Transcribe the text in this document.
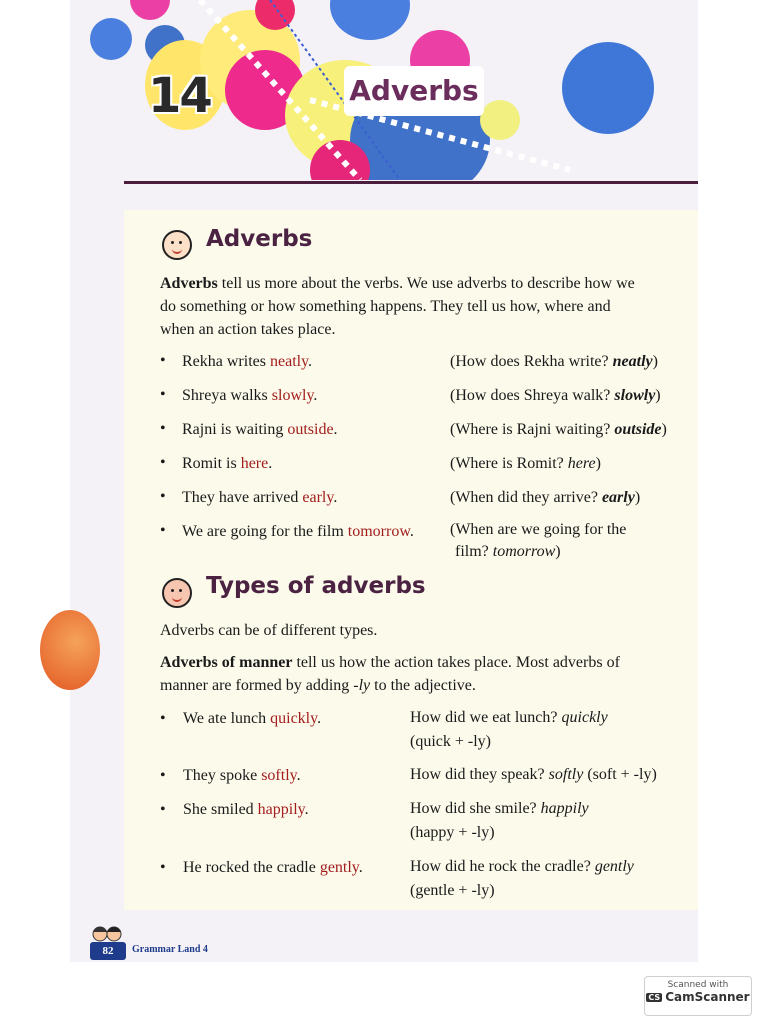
14	Adverbs
Adverbs
Adverbs tell us more about the verbs. We use adverbs to describe how we
do something or how something happens. They tell us how, where and
when an action takes place.
• Rekha writes neatly.	(How does Rekha write? neatly)
• Shreya walks slowly.	(How does Shreya walk? slowly)
• Rajni is waiting outside.	(Where is Rajni waiting? outside)
• Romit is here.	(Where is Romit? here)
• They have arrived early.	(When did they arrive? early)
• We are going for the film tomorrow. (When are we going for the
film? tomorrow)
Types of adverbs
Adverbs can be of different types.
Adverbs of manner tell us how the action takes place. Most adverbs of
manner are formed by adding -ly to the adjective.
• We ate lunch quickly.	How did we eat lunch? quickly
(quick + -ly)
• They spoke softly.	How did they speak? softly (soft + -ly)
• She smiled happily.	How did she smile? happily
(happy + -ly)
• He rocked the cradle gently.	How did he rock the cradle? gently
(gentle + -ly)
82	Grammar Land 4
Scanned with
CS CamScanner
